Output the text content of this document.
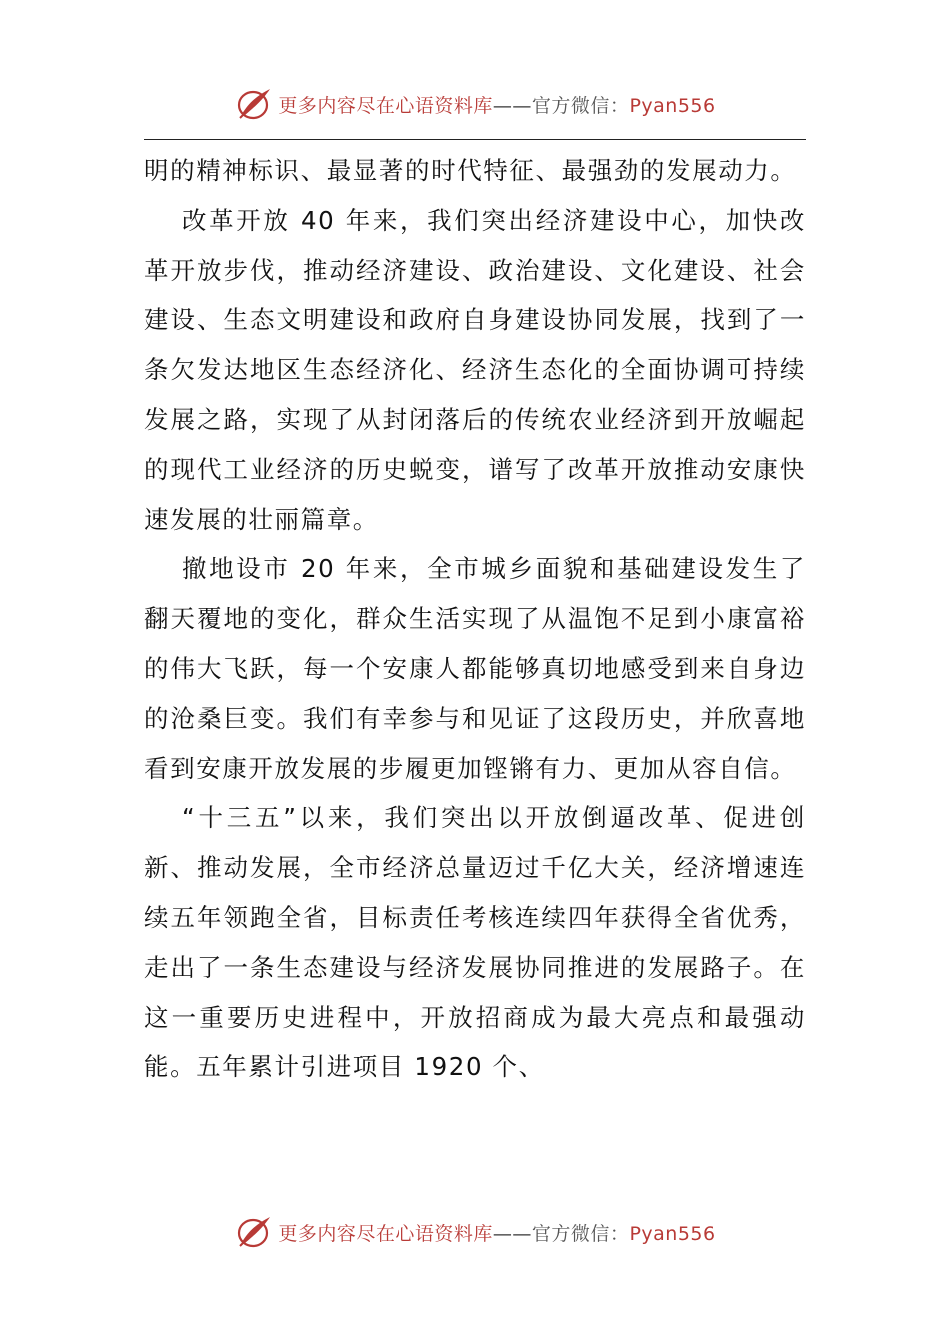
更多内容尽在心语资料库——官方微信：Pyan556

明的精神标识、最显著的时代特征、最强劲的发展动力。

改革开放 40 年来，我们突出经济建设中心，加快改革开放步伐，推动经济建设、政治建设、文化建设、社会建设、生态文明建设和政府自身建设协同发展，找到了一条欠发达地区生态经济化、经济生态化的全面协调可持续发展之路，实现了从封闭落后的传统农业经济到开放崛起的现代工业经济的历史蜕变，谱写了改革开放推动安康快速发展的壮丽篇章。

撤地设市 20 年来，全市城乡面貌和基础建设发生了翻天覆地的变化，群众生活实现了从温饱不足到小康富裕的伟大飞跃，每一个安康人都能够真切地感受到来自身边的沧桑巨变。我们有幸参与和见证了这段历史，并欣喜地看到安康开放发展的步履更加铿锵有力、更加从容自信。

“十三五”以来，我们突出以开放倒逼改革、促进创新、推动发展，全市经济总量迈过千亿大关，经济增速连续五年领跑全省，目标责任考核连续四年获得全省优秀，走出了一条生态建设与经济发展协同推进的发展路子。在这一重要历史进程中，开放招商成为最大亮点和最强动能。五年累计引进项目 1920 个、

更多内容尽在心语资料库——官方微信：Pyan556
